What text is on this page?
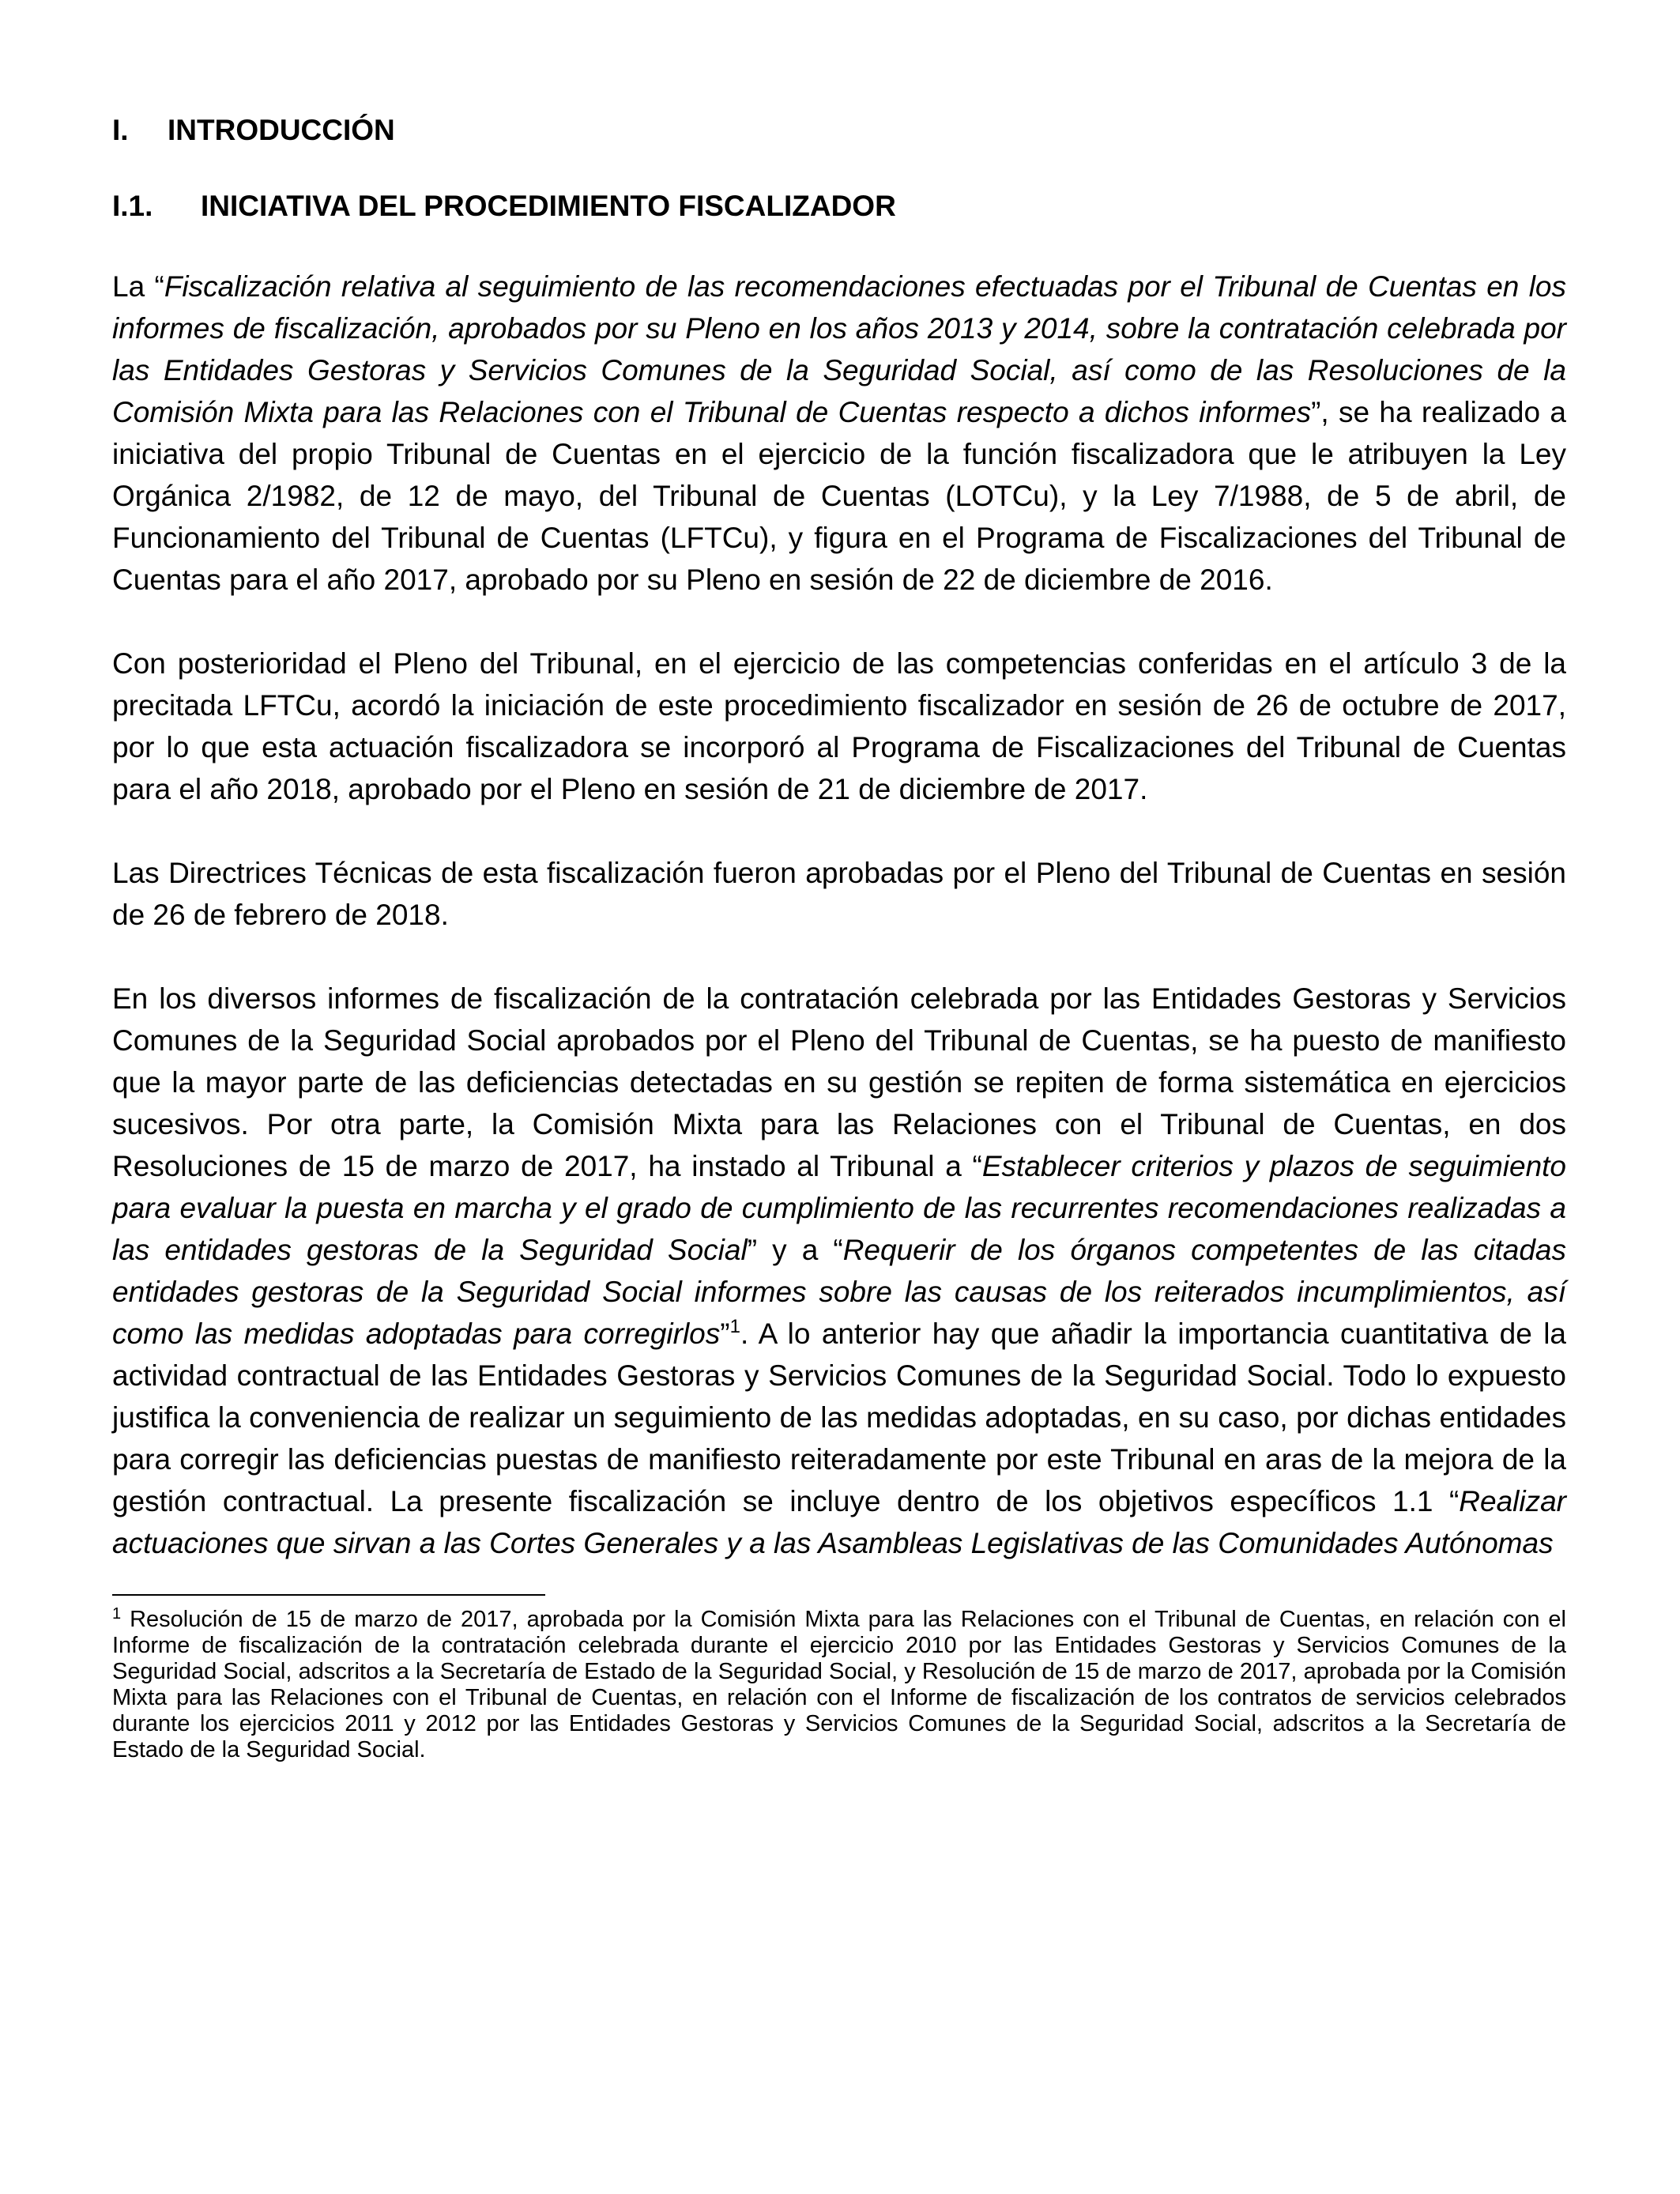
I. INTRODUCCIÓN
I.1. INICIATIVA DEL PROCEDIMIENTO FISCALIZADOR

La “Fiscalización relativa al seguimiento de las recomendaciones efectuadas por el Tribunal de Cuentas en los informes de fiscalización, aprobados por su Pleno en los años 2013 y 2014, sobre la contratación celebrada por las Entidades Gestoras y Servicios Comunes de la Seguridad Social, así como de las Resoluciones de la Comisión Mixta para las Relaciones con el Tribunal de Cuentas respecto a dichos informes”, se ha realizado a iniciativa del propio Tribunal de Cuentas en el ejercicio de la función fiscalizadora que le atribuyen la Ley Orgánica 2/1982, de 12 de mayo, del Tribunal de Cuentas (LOTCu), y la Ley 7/1988, de 5 de abril, de Funcionamiento del Tribunal de Cuentas (LFTCu), y figura en el Programa de Fiscalizaciones del Tribunal de Cuentas para el año 2017, aprobado por su Pleno en sesión de 22 de diciembre de 2016.

Con posterioridad el Pleno del Tribunal, en el ejercicio de las competencias conferidas en el artículo 3 de la precitada LFTCu, acordó la iniciación de este procedimiento fiscalizador en sesión de 26 de octubre de 2017, por lo que esta actuación fiscalizadora se incorporó al Programa de Fiscalizaciones del Tribunal de Cuentas para el año 2018, aprobado por el Pleno en sesión de 21 de diciembre de 2017.

Las Directrices Técnicas de esta fiscalización fueron aprobadas por el Pleno del Tribunal de Cuentas en sesión de 26 de febrero de 2018.

En los diversos informes de fiscalización de la contratación celebrada por las Entidades Gestoras y Servicios Comunes de la Seguridad Social aprobados por el Pleno del Tribunal de Cuentas, se ha puesto de manifiesto que la mayor parte de las deficiencias detectadas en su gestión se repiten de forma sistemática en ejercicios sucesivos. Por otra parte, la Comisión Mixta para las Relaciones con el Tribunal de Cuentas, en dos Resoluciones de 15 de marzo de 2017, ha instado al Tribunal a “Establecer criterios y plazos de seguimiento para evaluar la puesta en marcha y el grado de cumplimiento de las recurrentes recomendaciones realizadas a las entidades gestoras de la Seguridad Social” y a “Requerir de los órganos competentes de las citadas entidades gestoras de la Seguridad Social informes sobre las causas de los reiterados incumplimientos, así como las medidas adoptadas para corregirlos”$^1$. A lo anterior hay que añadir la importancia cuantitativa de la actividad contractual de las Entidades Gestoras y Servicios Comunes de la Seguridad Social. Todo lo expuesto justifica la conveniencia de realizar un seguimiento de las medidas adoptadas, en su caso, por dichas entidades para corregir las deficiencias puestas de manifiesto reiteradamente por este Tribunal en aras de la mejora de la gestión contractual. La presente fiscalización se incluye dentro de los objetivos específicos 1.1 “Realizar actuaciones que sirvan a las Cortes Generales y a las Asambleas Legislativas de las Comunidades Autónomas

$^1$ Resolución de 15 de marzo de 2017, aprobada por la Comisión Mixta para las Relaciones con el Tribunal de Cuentas, en relación con el Informe de fiscalización de la contratación celebrada durante el ejercicio 2010 por las Entidades Gestoras y Servicios Comunes de la Seguridad Social, adscritos a la Secretaría de Estado de la Seguridad Social, y Resolución de 15 de marzo de 2017, aprobada por la Comisión Mixta para las Relaciones con el Tribunal de Cuentas, en relación con el Informe de fiscalización de los contratos de servicios celebrados durante los ejercicios 2011 y 2012 por las Entidades Gestoras y Servicios Comunes de la Seguridad Social, adscritos a la Secretaría de Estado de la Seguridad Social.
